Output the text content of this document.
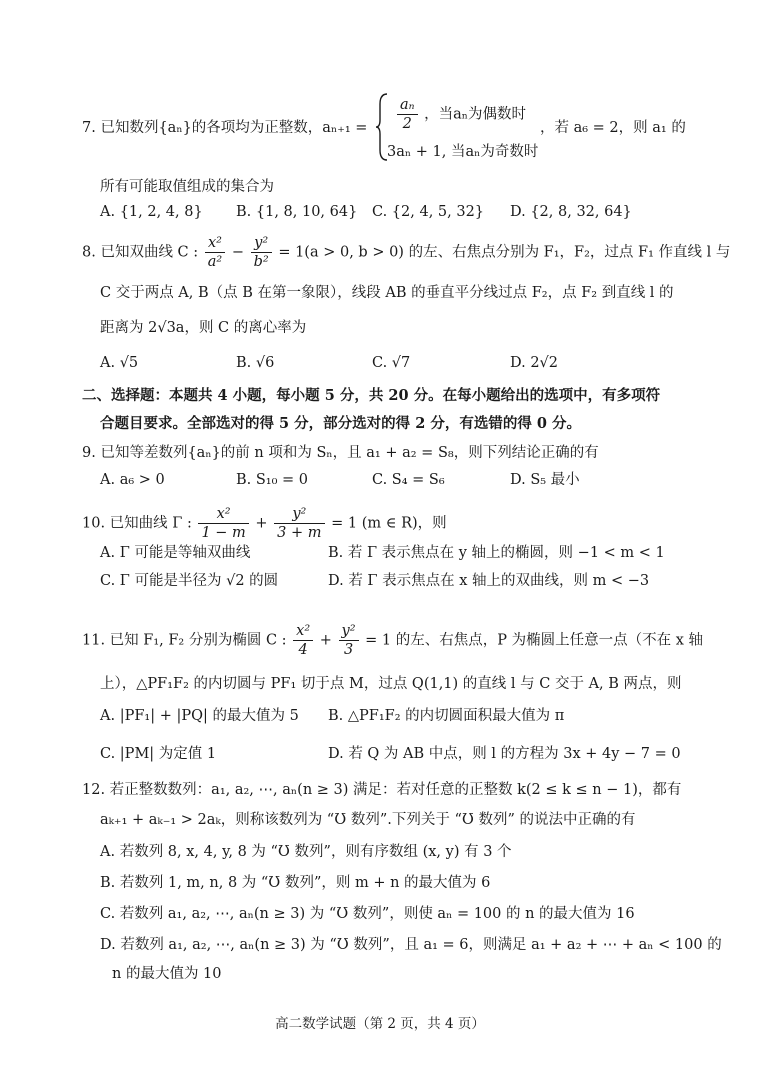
7. 已知数列{aₙ}的各项均为正整数，$a_{n+1} = \frac{\text{aₙ}}{2}$ ，当aₙ为偶数时
3aₙ + 1, 当aₙ为奇数时
，若 a₆ = 2，则 a₁ 的
所有可能取值组成的集合为
A. {1, 2, 4, 8} B. {1, 8, 10, 64} C. {2, 4, 5, 32} D. {2, 8, 32, 64}
8. 已知双曲线 C : $\frac{\text{x²}}{\text{a²}} - \frac{\text{y²}}{\text{b²}} = 1(a > 0$, b > 0) 的左、右焦点分别为 F₁，F₂，过点 F₁ 作直线 l 与
C 交于两点 A, B（点 B 在第一象限），线段 AB 的垂直平分线过点 F₂，点 F₂ 到直线 l 的
距离为 2√3a，则 C 的离心率为
A. √5	B. √6	C. √7	D. 2√2
二、选择题：本题共 4 小题，每小题 5 分，共 20 分。在每小题给出的选项中，有多项符
合题目要求。全部选对的得 5 分，部分选对的得 2 分，有选错的得 0 分。
9. 已知等差数列{aₙ}的前 n 项和为 Sₙ，且 a₁ + a₂ = S₈，则下列结论正确的有
A. a₆ > 0	B. S₁₀ = 0	C. S₄ = S₆	D. S₅ 最小
10. 已知曲线 Γ : $\frac{\text{x²}}{1 - m} + \frac{\text{y²}}{3 + m} = 1$ (m ∈ R)，则
A. Γ 可能是等轴双曲线	B. 若 Γ 表示焦点在 y 轴上的椭圆，则 −1 < m < 1
C. Γ 可能是半径为 √2 的圆	D. 若 Γ 表示焦点在 x 轴上的双曲线，则 m < −3
11. 已知 F₁, F₂ 分别为椭圆 C : $\frac{\text{x²}}{4} + \frac{\text{y²}}{3} = 1$ 的左、右焦点，P 为椭圆上任意一点（不在 x 轴
上），△PF₁F₂ 的内切圆与 PF₁ 切于点 M，过点 Q(1,1) 的直线 l 与 C 交于 A, B 两点，则
A. |PF₁| + |PQ| 的最大值为 5 B. △PF₁F₂ 的内切圆面积最大值为 π
C. |PM| 为定值 1	D. 若 Q 为 AB 中点，则 l 的方程为 3x + 4y − 7 = 0
12. 若正整数数列：a₁, a₂, ⋯, aₙ(n ≥ 3) 满足：若对任意的正整数 k(2 ≤ k ≤ n − 1)，都有
aₖ₊₁ + aₖ₋₁ > 2aₖ，则称该数列为 “Ʊ 数列”.下列关于 “Ʊ 数列” 的说法中正确的有
A. 若数列 8, x, 4, y, 8 为 “Ʊ 数列”，则有序数组 (x, y) 有 3 个
B. 若数列 1, m, n, 8 为 “Ʊ 数列”，则 m + n 的最大值为 6
C. 若数列 a₁, a₂, ⋯, aₙ(n ≥ 3) 为 “Ʊ 数列”，则使 aₙ = 100 的 n 的最大值为 16
D. 若数列 a₁, a₂, ⋯, aₙ(n ≥ 3) 为 “Ʊ 数列”，且 a₁ = 6，则满足 a₁ + a₂ + ⋯ + aₙ < 100 的
n 的最大值为 10
高二数学试题（第 2 页，共 4 页）
